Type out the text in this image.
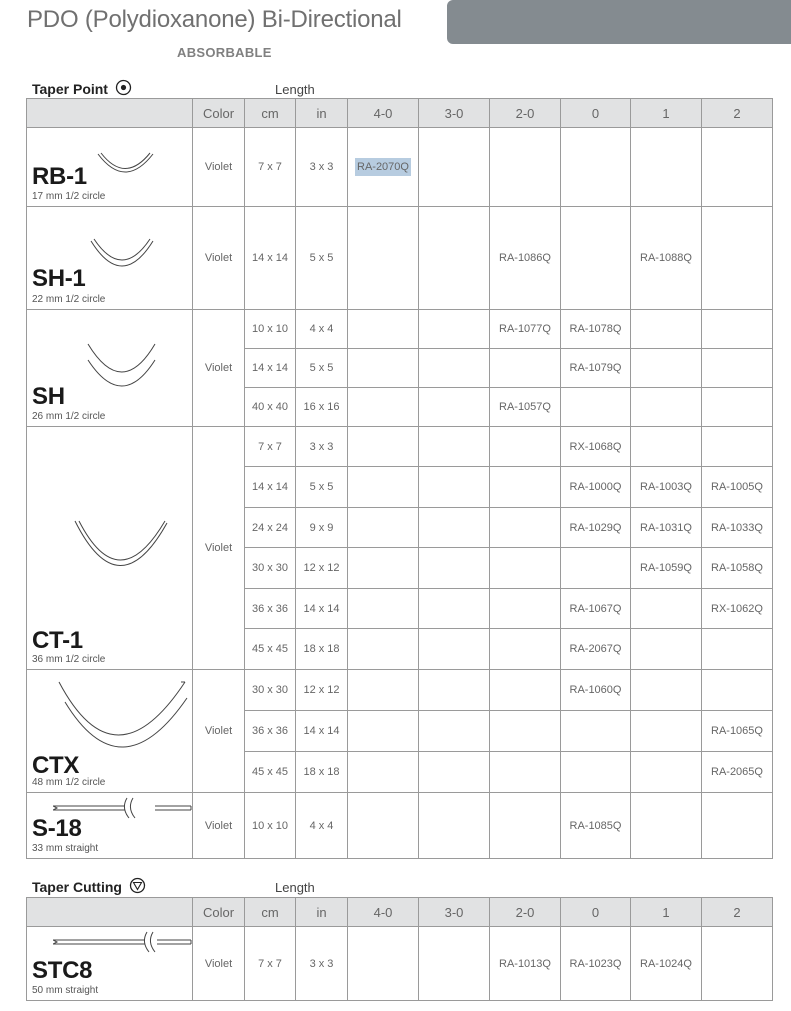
PDO (Polydioxanone) Bi-Directional
ABSORBABLE
Taper Point	Length
	Color	cm	in	4-0	3-0	2-0	0	1	2

RB-1
17 mm 1/2 circle	Violet	7 x 7	3 x 3	RA-2070Q					

SH-1
22 mm 1/2 circle	Violet	14 x 14	5 x 5			RA-1086Q		RA-1088Q	

SH
26 mm 1/2 circle	Violet	10 x 10	4 x 4			RA-1077Q	RA-1078Q		
		14 x 14	5 x 5				RA-1079Q		
		40 x 40	16 x 16			RA-1057Q			

CT-1
36 mm 1/2 circle	Violet	7 x 7	3 x 3				RX-1068Q		
		14 x 14	5 x 5				RA-1000Q	RA-1003Q	RA-1005Q
		24 x 24	9 x 9				RA-1029Q	RA-1031Q	RA-1033Q
		30 x 30	12 x 12					RA-1059Q	RA-1058Q
		36 x 36	14 x 14				RA-1067Q		RX-1062Q
		45 x 45	18 x 18				RA-2067Q		

CTX
48 mm 1/2 circle	Violet	30 x 30	12 x 12				RA-1060Q		
		36 x 36	14 x 14						RA-1065Q
		45 x 45	18 x 18						RA-2065Q

S-18
33 mm straight	Violet	10 x 10	4 x 4				RA-1085Q		
Taper Cutting	Length
	Color	cm	in	4-0	3-0	2-0	0	1	2

STC8
50 mm straight	Violet	7 x 7	3 x 3			RA-1013Q	RA-1023Q	RA-1024Q	
